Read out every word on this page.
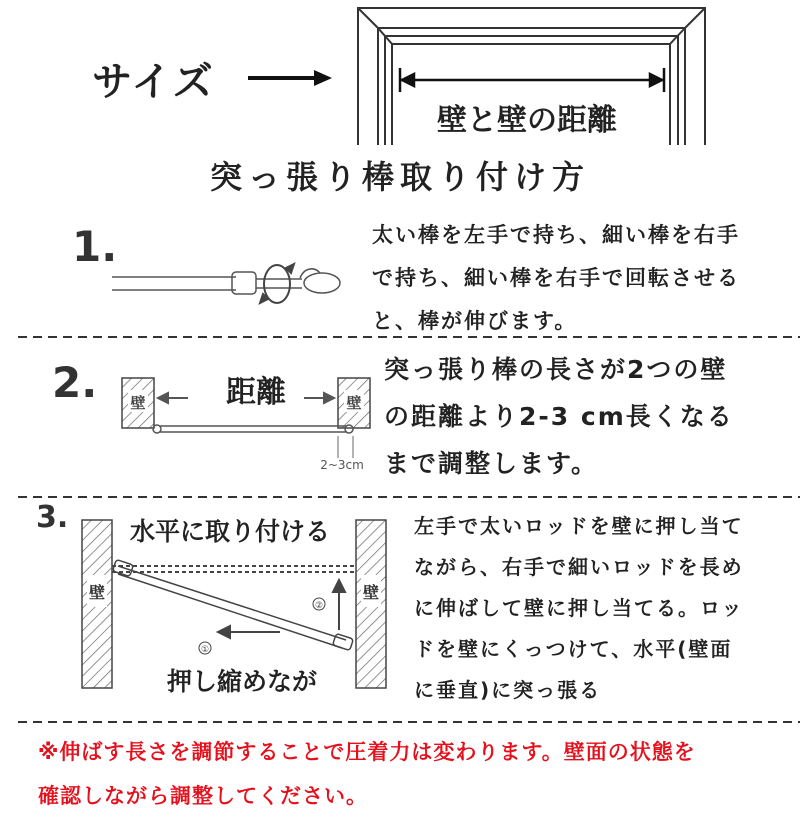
サイズ
壁と壁の距離
壁	壁
距離
2~3cm
壁	壁
①
②
水平に取り付ける
押し縮めなが
突っ張り棒取り付け方
1.	太い棒を左手で持ち、細い棒を右手
で持ち、細い棒を右手で回転させる
と、棒が伸びます。
2.	突っ張り棒の長さが2つの壁
の距離より2-3 cm長くなる
まで調整します。
3.	左手で太いロッドを壁に押し当て
ながら、右手で細いロッドを長め
に伸ばして壁に押し当てる。ロッ
ドを壁にくっつけて、水平(壁面
に垂直)に突っ張る
※伸ばす長さを調節することで圧着力は変わります。壁面の状態を
確認しながら調整してください。
